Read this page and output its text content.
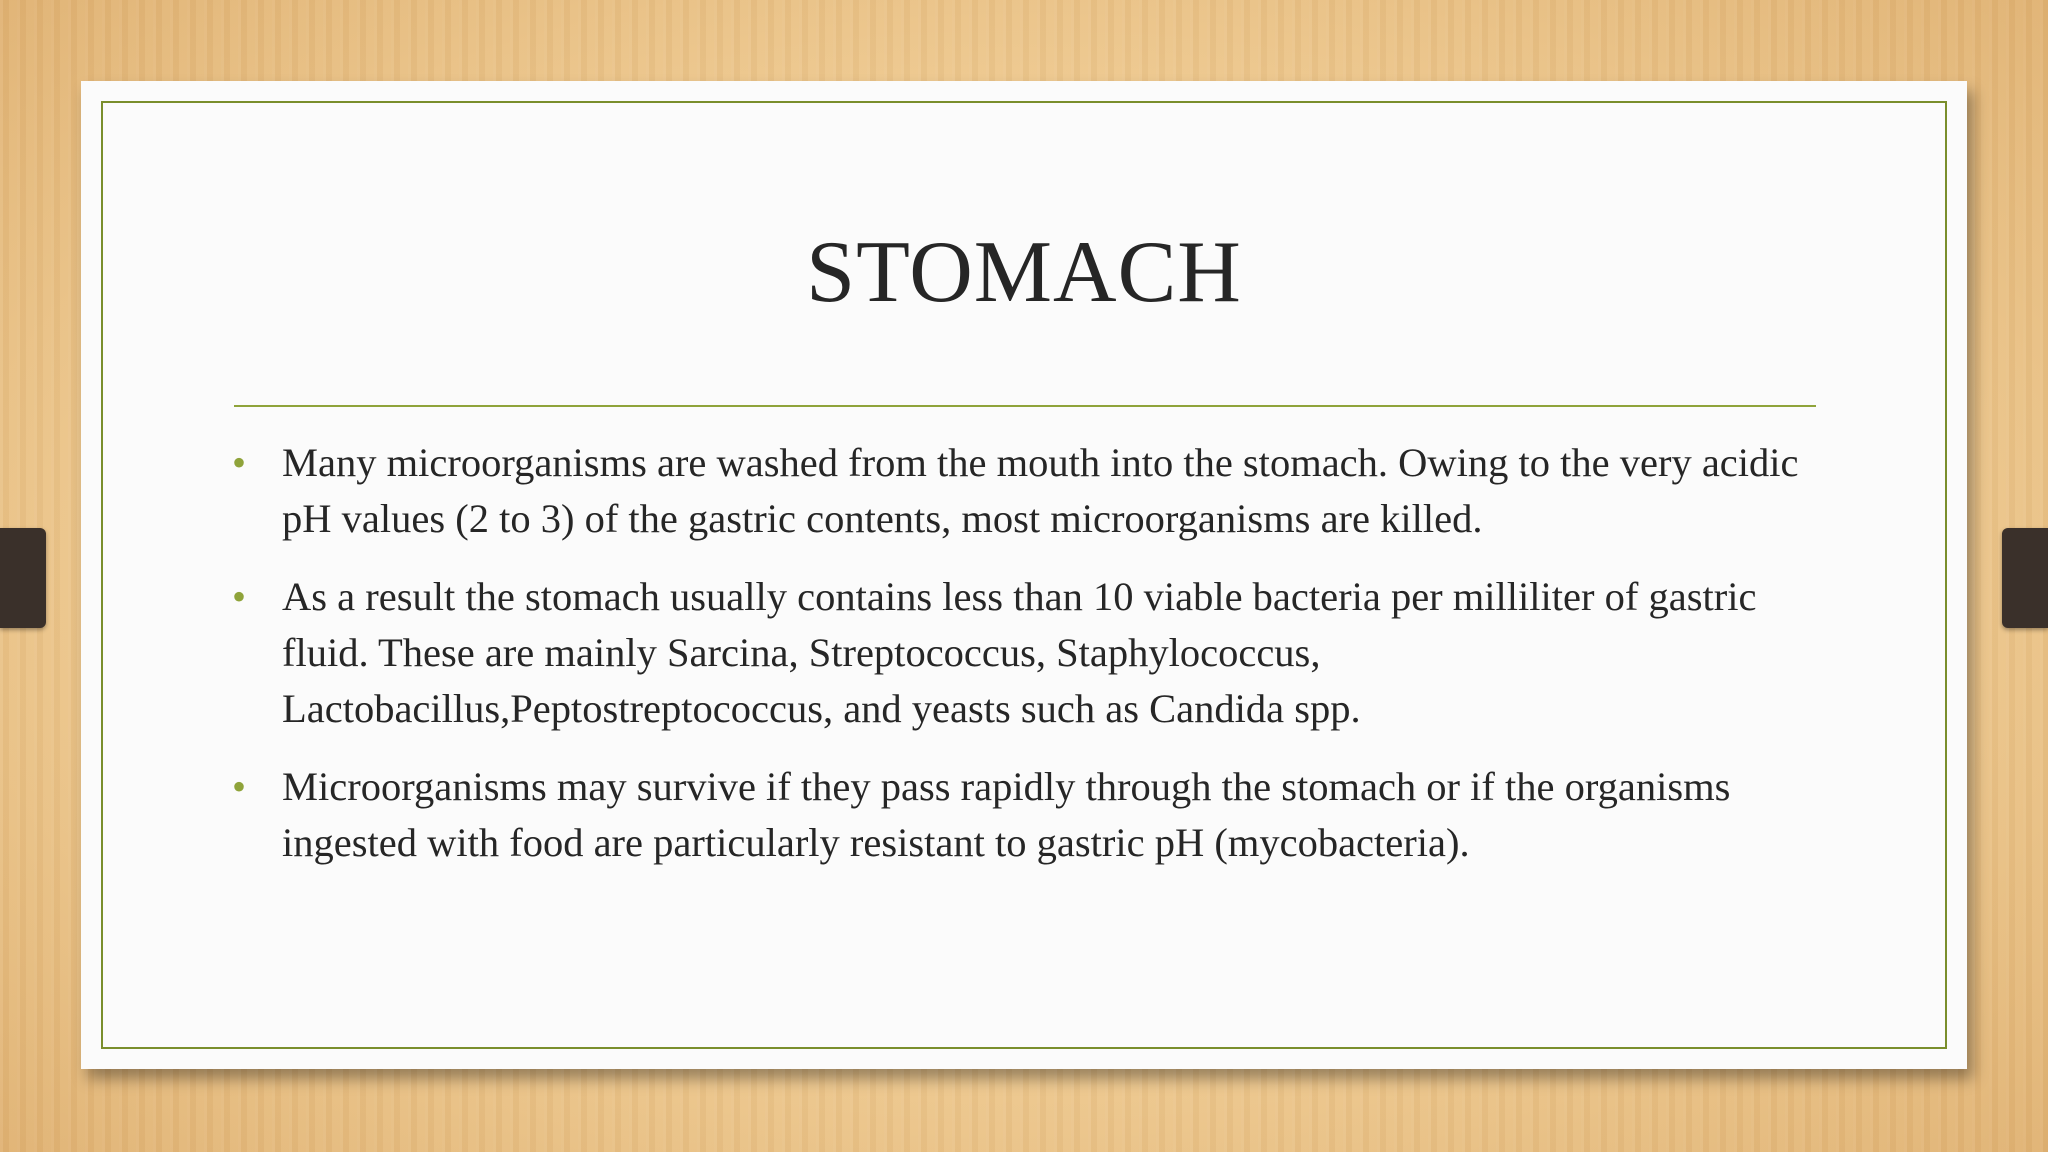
STOMACH
• Many microorganisms are washed from the mouth into the stomach. Owing to the very acidic pH values (2 to 3) of the gastric contents, most microorganisms are killed.
• As a result the stomach usually contains less than 10 viable bacteria per milliliter of gastric fluid. These are mainly Sarcina, Streptococcus, Staphylococcus, Lactobacillus,Peptostreptococcus, and yeasts such as Candida spp.
• Microorganisms may survive if they pass rapidly through the stomach or if the organisms ingested with food are particularly resistant to gastric pH (mycobacteria).
